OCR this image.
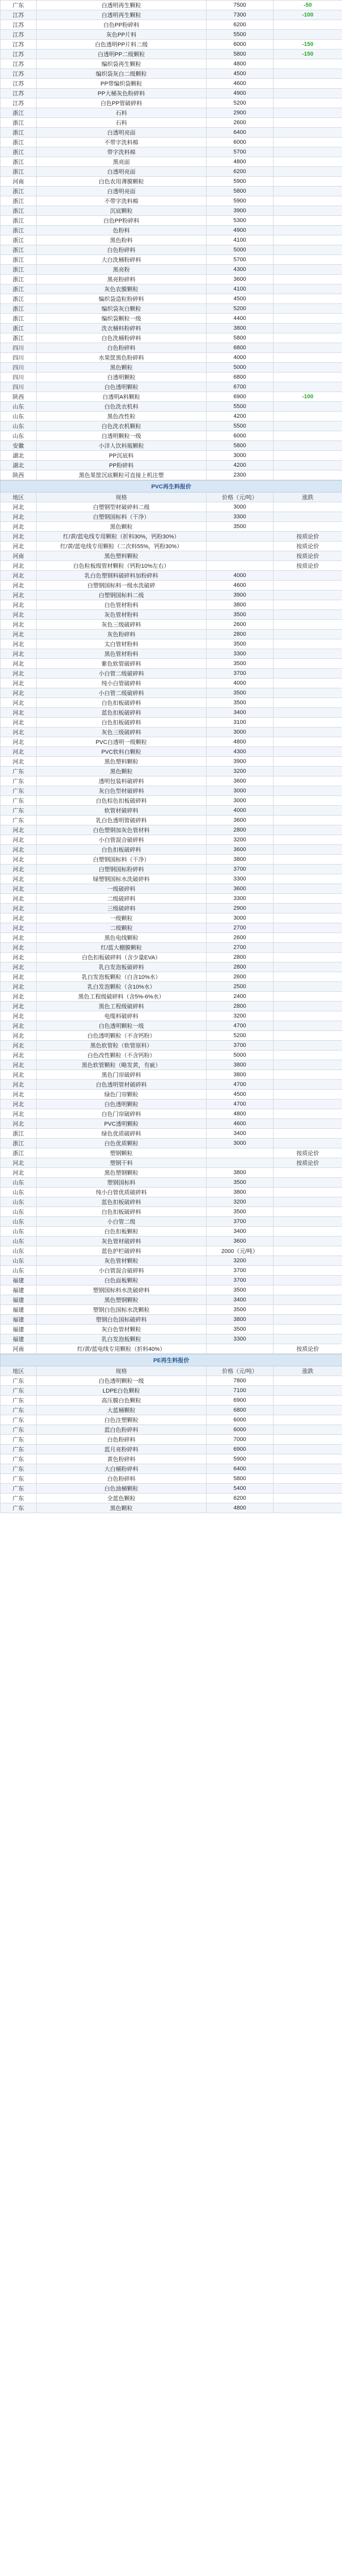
广东	白透明再生颗粒	7500	-50
江苏	白透明再生颗粒	7300	-100
江苏	白色PP粉碎料	6200	
江苏	灰色PP片料	5500	
江苏	白色透明PP片料二级	6000	-150
江苏	白透明PP二级颗粒	5800	-150
江苏	编织袋再生颗粒	4800	
江苏	编织袋灰白二级颗粒	4500	
江苏	PP带编织袋颗粒	4600	
江苏	PP大桶灰色粉碎料	4900	
江苏	白色PP管破碎料	5200	
浙江	石料	2900	
浙江	石料	2600	
浙江	白透明亮面	6400	
浙江	不带字洗料棉	6000	
浙江	带字洗料棉	5700	
浙江	黑亮面	4800	
浙江	白透明亮面	6200	
河南	白色农用薄膜颗粒	5900	
浙江	白透明亮面	5800	
浙江	不带字洗料棉	5900	
浙江	沉底颗粒	3900	
浙江	白色PP粉碎料	5300	
浙江	色粉料	4900	
浙江	黑色粉料	4100	
浙江	白色粉碎料	5000	
浙江	大白洗桶粉碎料	5700	
浙江	黑亮粉	4300	
浙江	黑亮粉碎料	3600	
浙江	灰色农膜颗粒	4100	
浙江	编织袋造粒粉碎料	4500	
浙江	编织袋灰白颗粒	5200	
浙江	编织袋颗粒一级	4400	
浙江	洗衣桶料粉碎料	3800	
浙江	白色洗桶粉碎料	5800	
四川	白色粉碎料	6800	
四川	水果筐黑色粉碎料	4000	
四川	黑色颗粒	5000	
四川	白透明颗粒	6800	
四川	白色透明颗粒	6700	
陕西	白透明A料颗粒	6900	-100
山东	白色洗衣机料	5500	
山东	黑色改性粒	4200	
山东	白色洗衣机颗粒	5500	
山东	白透明颗粒一级	6000	
安徽	小洋人饮料瓶颗粒	5800	
湖北	PP沉底料	3000	
湖北	PP粉碎料	4200	
陕西	黑色果筐沉底颗粒可直接上机注塑	2300	
PVC再生料报价			
地区	规格	价格（元/吨）	涨跌
河北	白塑钢型材破碎料二级	3000	
河北	白塑钢国标料（干净）	3300	
河北	黑色颗粒	3500	
河北	红/黄/蓝电线专用颗粒（折料30%，钙粉30%）		按质论价
河北	红/黄/蓝电线专用颗粒（二次料55%，钙粉30%）		按质论价
河南	黑色塑料颗粒		按质论价
河北	白色粒板级管材颗粒（钙粉10%左右）		按质论价
河北	乳白色塑钢料破碎料加粉碎料	4000	
河北	白塑钢国标料一级水洗破碎	4600	
河北	白塑钢国标料二级	3900	
河北	白色管材粉料	3800	
河北	灰色管材粉料	3500	
河北	灰色三级破碎料	2600	
河北	灰色粉碎料	2800	
河北	太白管材粉料	3500	
河北	黑色管材粉料	3300	
河北	紫色软管破碎料	3500	
河北	小白管二级破碎料	3700	
河北	纯小白管破碎料	4000	
河北	小白管二级破碎料	3500	
河北	白色扣板破碎料	3500	
河北	蓝色扣板破碎料	3400	
河北	白色扣板破碎料	3100	
河北	灰色三级破碎料	3000	
河北	PVC白透明一级颗粒	4800	
河北	PVC软料白颗粒	4300	
河北	黑色塑料颗粒	3900	
广东	黑色颗粒	3200	
广东	透明包装料破碎料	3600	
广东	灰白色型材破碎料	3000	
广东	白色棕色扣板破碎料	3000	
广东	软管材破碎料	4000	
广东	乳白色透明管破碎料	3600	
河北	白色塑钢加灰色管材料	2800	
河北	小白管混合破碎料	3200	
河北	白色扣板破碎料	3600	
河北	白塑钢国标料（干净）	3800	
河北	白塑钢国标粉碎料	3700	
河北	绿塑钢国标水洗破碎料	3300	
河北	一级破碎料	3600	
河北	二级破碎料	3300	
河北	三级破碎料	2900	
河北	一级颗粒	3000	
河北	二级颗粒	2700	
河北	黑色电线颗粒	2600	
河北	红/蓝大棚膜颗粒	2700	
河北	白色扣板破碎料（含少量EVA）	2800	
河北	乳白发泡板破碎料	2800	
河北	乳白发泡板颗粒（白含10%水）	2600	
河北	乳白发泡颗粒（含10%水）	2500	
河北	黑色工程级破碎料（含5%-6%水）	2400	
河北	黑色工程级破碎料	2800	
河北	电缆料破碎料	3200	
河北	白色透明颗粒一级	4700	
河北	白色透明颗粒（不含钙粉）	5200	
河北	黑色软管粒（软管原料）	3700	
河北	白色改性颗粒（不含钙粉）	5000	
河北	黑色软管颗粒（略发黄，有疵）	3800	
河北	黑色门帘破碎料	3800	
河北	白色透明管材破碎料	4700	
河北	绿色门帘颗粒	4500	
河北	白色透明颗粒	4700	
河北	白色门帘破碎料	4800	
河北	PVC透明颗粒	4600	
浙江	绿色优质破碎料	3400	
浙江	白色优质颗粒	3000	
浙江	塑钢颗粒		按质论价
河北	塑钢干料		按质论价
河北	黑色塑钢颗粒	3800	
山东	塑钢国标料	3500	
山东	纯小白管优质破碎料	3800	
山东	蓝色扣板破碎料	3200	
山东	白色扣板破碎料	3500	
山东	小白管二级	3700	
山东	白色扣板颗粒	3400	
山东	灰色管材破碎料	3600	
山东	蓝色护栏破碎料	2000（元/吨）	
山东	灰色管材颗粒	3200	
山东	小白管混合破碎料	3700	
福建	白色面板颗粒	3700	
福建	塑钢国标料水洗破碎料	3500	
福建	黑色塑钢颗粒	3400	
福建	塑钢白色国标水洗颗粒	3500	
福建	塑钢白色国标破碎料	3800	
福建	灰白色管材颗粒	3500	
福建	乳白发泡板颗粒	3300	
河南	红/黄/蓝电线专用颗粒（折料40%）		按质论价
PE再生料报价			
地区	规格	价格（元/吨）	涨跌
广东	白色透明颗粒一级	7800	
广东	LDPE白色颗粒	7100	
广东	高压膜白色颗粒	6900	
广东	大蓝桶颗粒	6800	
广东	白色注塑颗粒	6000	
广东	蓝白色粉碎料	6000	
广东	白色粉碎料	7000	
广东	蓝月亮粉碎料	6900	
广东	黄色粉碎料	5900	
广东	大白桶粉碎料	6400	
广东	白色粉碎料	5800	
广东	白色油桶颗粒	5400	
广东	全蓝色颗粒	6200	
广东	黑色颗粒	4800	
